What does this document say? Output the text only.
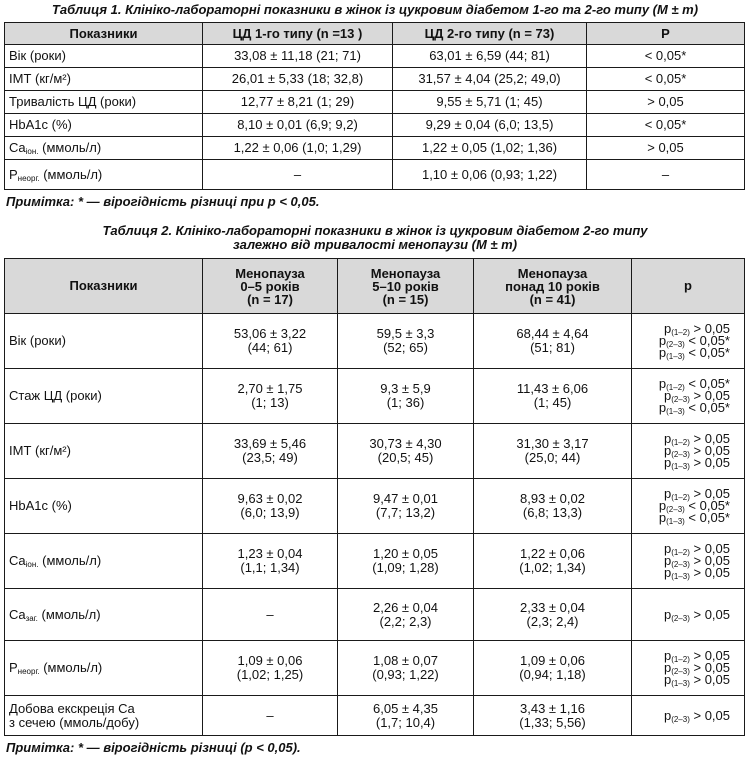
Таблиця 1. Клініко-лабораторні показники в жінок із цукровим діабетом 1-го та 2-го типу (M ± m)
Показники	ЦД 1-го типу (n =13 )	ЦД 2-го типу (n = 73)	P
Вік (роки)	33,08 ± 11,18 (21; 71)	63,01 ± 6,59 (44; 81)	< 0,05*
ІМТ (кг/м²)	26,01 ± 5,33 (18; 32,8)	31,57 ± 4,04 (25,2; 49,0)	< 0,05*
Тривалість ЦД (роки)	12,77 ± 8,21 (1; 29)	9,55 ± 5,71 (1; 45)	> 0,05
HbA1c (%)	8,10 ± 0,01 (6,9; 9,2)	9,29 ± 0,04 (6,0; 13,5)	< 0,05*
$Ca_{іон.}$ (ммоль/л)	1,22 ± 0,06 (1,0; 1,29)	1,22 ± 0,05 (1,02; 1,36)	> 0,05
$P_{неорг.}$ (ммоль/л)	–	1,10 ± 0,06 (0,93; 1,22)	–
Примітка: * — вірогідність різниці при p < 0,05.
Таблиця 2. Клініко-лабораторні показники в жінок із цукровим діабетом 2-го типу
залежно від тривалості менопаузи (M ± m)
Показники	Менопауза
0–5 років
(n = 17)	Менопауза
5–10 років
(n = 15)	Менопауза
понад 10 років
(n = 41)	p
Вік (роки)	53,06 ± 3,22
(44; 61)	59,5 ± 3,3
(52; 65)	68,44 ± 4,64
(51; 81)	$p_{(1-2)} > 0,05$
$p_{(2-3)} < 0,05*$
$p_{(1-3)} < 0,05*$

Стаж ЦД (роки)	2,70 ± 1,75
(1; 13)	9,3 ± 5,9
(1; 36)	11,43 ± 6,06
(1; 45)	$p_{(1-2)} < 0,05*$
$p_{(2-3)} > 0,05$
$p_{(1-3)} < 0,05*$

ІМТ (кг/м²)	33,69 ± 5,46
(23,5; 49)	30,73 ± 4,30
(20,5; 45)	31,30 ± 3,17
(25,0; 44)	$p_{(1-2)} > 0,05$
$p_{(2-3)} > 0,05$
$p_{(1-3)} > 0,05$

HbA1c (%)	9,63 ± 0,02
(6,0; 13,9)	9,47 ± 0,01
(7,7; 13,2)	8,93 ± 0,02
(6,8; 13,3)	$p_{(1-2)} > 0,05$
$p_{(2-3)} < 0,05*$
$p_{(1-3)} < 0,05*$

$Ca_{іон.}$ (ммоль/л)	1,23 ± 0,04
(1,1; 1,34)	1,20 ± 0,05
(1,09; 1,28)	1,22 ± 0,06
(1,02; 1,34)	$p_{(1-2)} > 0,05$
$p_{(2-3)} > 0,05$
$p_{(1-3)} > 0,05$

$Ca_{заг.}$ (ммоль/л)	–	2,26 ± 0,04
(2,2; 2,3)	2,33 ± 0,04
(2,3; 2,4)	$p_{(2-3)} > 0,05$

$P_{неорг.}$ (ммоль/л)	1,09 ± 0,06
(1,02; 1,25)	1,08 ± 0,07
(0,93; 1,22)	1,09 ± 0,06
(0,94; 1,18)	$p_{(1-2)} > 0,05$
$p_{(2-3)} > 0,05$
$p_{(1-3)} > 0,05$

Добова екскреція Ca
з сечею (ммоль/добу)	–	6,05 ± 4,35
(1,7; 10,4)	3,43 ± 1,16
(1,33; 5,56)	$p_{(2-3)} > 0,05$
Примітка: * — вірогідність різниці (p < 0,05).
